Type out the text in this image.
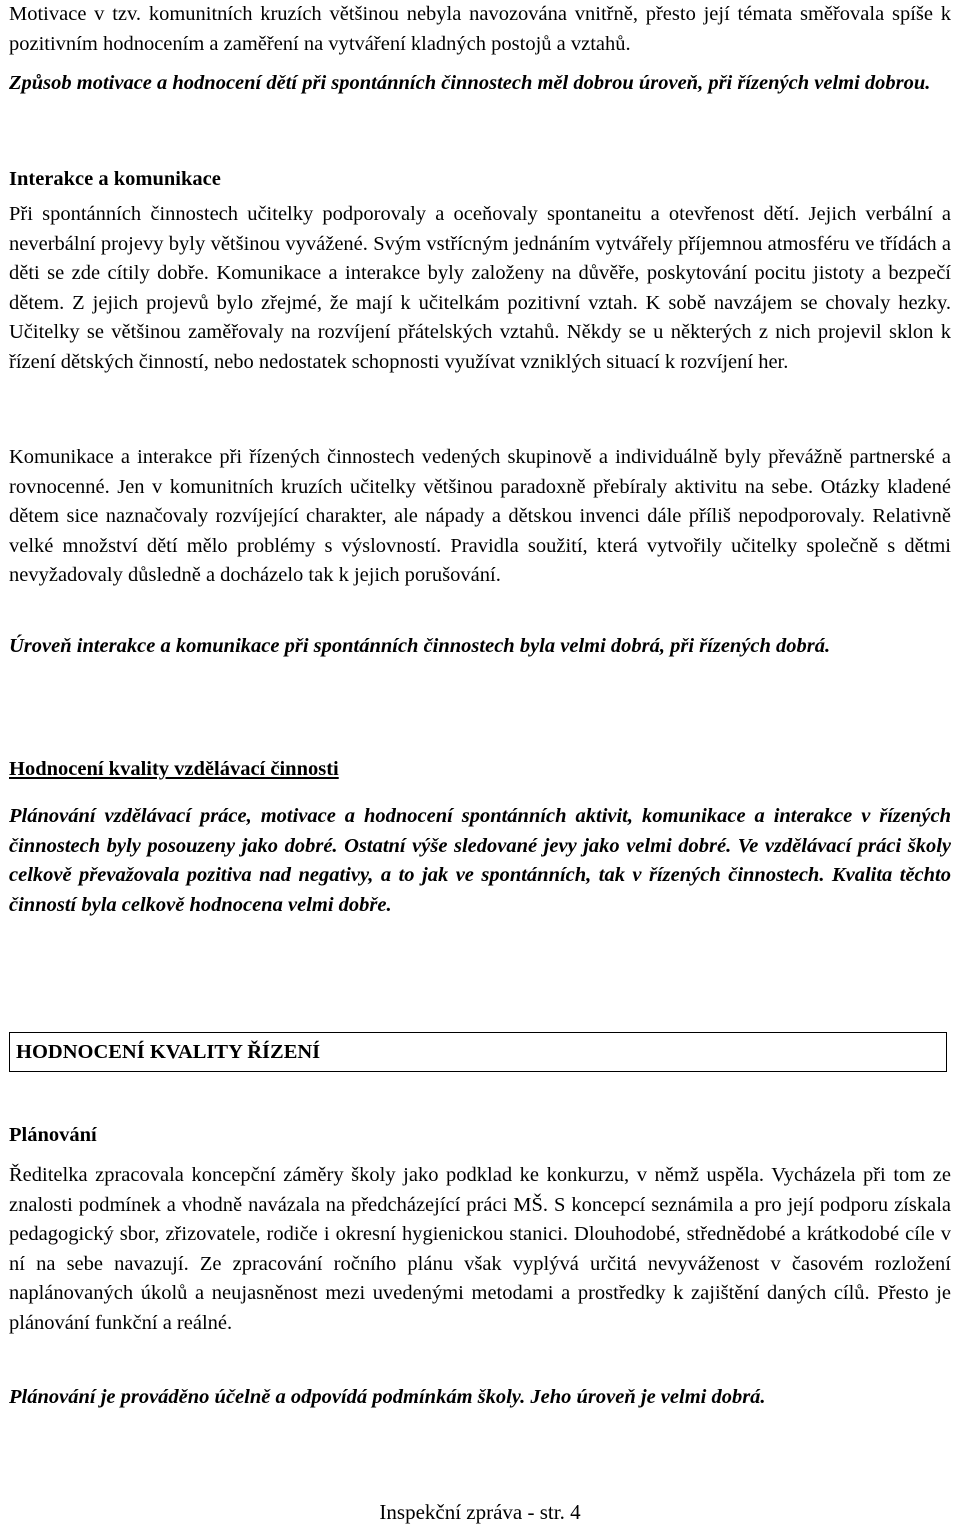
Motivace v tzv. komunitních kruzích většinou nebyla navozována vnitřně, přesto její témata směřovala spíše k pozitivním hodnocením a zaměření na vytváření kladných postojů a vztahů.

Způsob motivace a hodnocení dětí při spontánních činnostech měl dobrou úroveň, při řízených velmi dobrou.

Interakce a komunikace

Při spontánních činnostech učitelky podporovaly a oceňovaly spontaneitu a otevřenost dětí. Jejich verbální a neverbální projevy byly většinou vyvážené. Svým vstřícným jednáním vytvářely příjemnou atmosféru ve třídách a děti se zde cítily dobře. Komunikace a interakce byly založeny na důvěře, poskytování pocitu jistoty a bezpečí dětem. Z jejich projevů bylo zřejmé, že mají k učitelkám pozitivní vztah. K sobě navzájem se chovaly hezky. Učitelky se většinou zaměřovaly na rozvíjení přátelských vztahů. Někdy se u některých z nich projevil sklon k řízení dětských činností, nebo nedostatek schopnosti využívat vzniklých situací k rozvíjení her.

Komunikace a interakce při řízených činnostech vedených skupinově a individuálně byly převážně partnerské a rovnocenné. Jen v komunitních kruzích učitelky většinou paradoxně přebíraly aktivitu na sebe. Otázky kladené dětem sice naznačovaly rozvíjející charakter, ale nápady a dětskou invenci dále příliš nepodporovaly. Relativně velké množství dětí mělo problémy s výslovností. Pravidla soužití, která vytvořily učitelky společně s dětmi nevyžadovaly důsledně a docházelo tak k jejich porušování.

Úroveň interakce a komunikace při spontánních činnostech byla velmi dobrá, při řízených dobrá.

Hodnocení kvality vzdělávací činnosti

Plánování vzdělávací práce, motivace a hodnocení spontánních aktivit, komunikace a interakce v řízených činnostech byly posouzeny jako dobré. Ostatní výše sledované jevy jako velmi dobré. Ve vzdělávací práci školy celkově převažovala pozitiva nad negativy, a to jak ve spontánních, tak v řízených činnostech. Kvalita těchto činností byla celkově hodnocena velmi dobře.

HODNOCENÍ KVALITY ŘÍZENÍ

Plánování

Ředitelka zpracovala koncepční záměry školy jako podklad ke konkurzu, v němž uspěla. Vycházela při tom ze znalosti podmínek a vhodně navázala na předcházející práci MŠ. S koncepcí seznámila a pro její podporu získala pedagogický sbor, zřizovatele, rodiče i okresní hygienickou stanici. Dlouhodobé, střednědobé a krátkodobé cíle v ní na sebe navazují. Ze zpracování ročního plánu však vyplývá určitá nevyváženost v časovém rozložení naplánovaných úkolů a neujasněnost mezi uvedenými metodami a prostředky k zajištění daných cílů. Přesto je plánování funkční a reálné.

Plánování je prováděno účelně a odpovídá podmínkám školy. Jeho úroveň je velmi dobrá.

Inspekční zpráva - str. 4
